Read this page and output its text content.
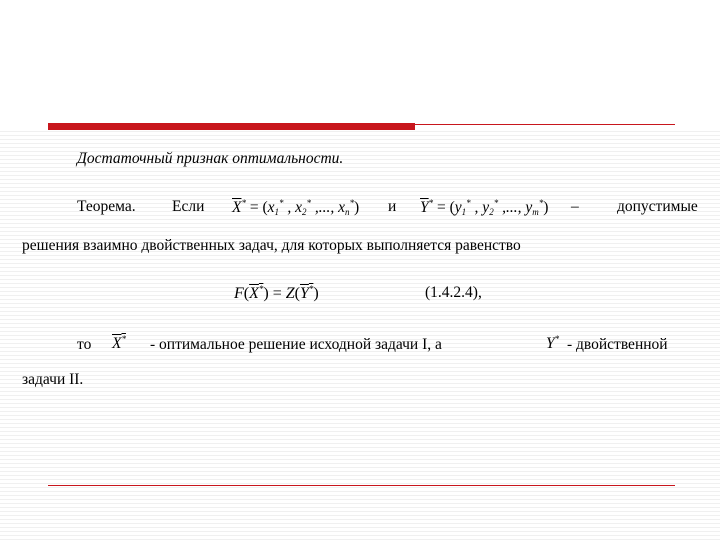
Достаточный признак оптимальности.
Теорема. Если $\overline{X}^* = (x_1^*$ , $x_2^*$ ,..., $x_n^*$) и $\overline{Y}^* = (y_1^*$ , $y_2^*$ ,..., $y_m^*$) – допустимые
решения взаимно двойственных задач, для которых выполняется равенство
F(X*) = Z(Y*)	(1.4.2.4),
то X* - оптимальное решение исходной задачи I, а	Y* - двойственной
задачи II.
